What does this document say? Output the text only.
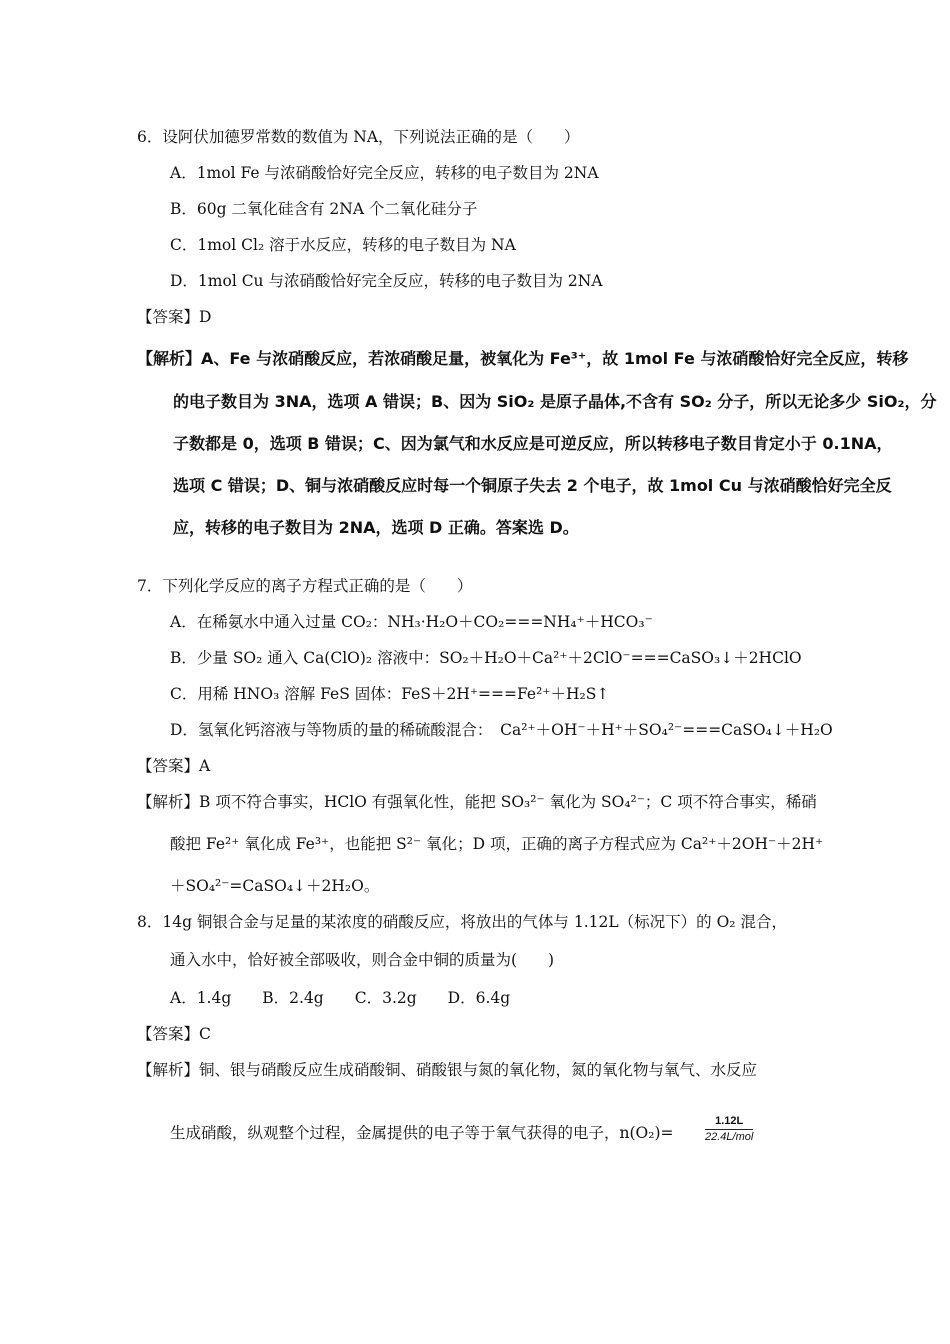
6．设阿伏加德罗常数的数值为 NA，下列说法正确的是（　　）
A．1mol Fe 与浓硝酸恰好完全反应，转移的电子数目为 2NA
B．60g 二氧化硅含有 2NA 个二氧化硅分子
C．1mol Cl₂ 溶于水反应，转移的电子数目为 NA
D．1mol Cu 与浓硝酸恰好完全反应，转移的电子数目为 2NA
【答案】D
【解析】A、Fe 与浓硝酸反应，若浓硝酸足量，被氧化为 Fe³⁺，故 1mol Fe 与浓硝酸恰好完全反应，转移
的电子数目为 3NA，选项 A 错误；B、因为 SiO₂ 是原子晶体,不含有 SO₂ 分子，所以无论多少 SiO₂，分
子数都是 0，选项 B 错误；C、因为氯气和水反应是可逆反应，所以转移电子数目肯定小于 0.1NA，
选项 C 错误；D、铜与浓硝酸反应时每一个铜原子失去 2 个电子，故 1mol Cu 与浓硝酸恰好完全反
应，转移的电子数目为 2NA，选项 D 正确。答案选 D。
7．下列化学反应的离子方程式正确的是（　　）
A．在稀氨水中通入过量 CO₂：NH₃·H₂O＋CO₂===NH₄⁺＋HCO₃⁻
B．少量 SO₂ 通入 Ca(ClO)₂ 溶液中：SO₂＋H₂O＋Ca²⁺＋2ClO⁻===CaSO₃↓＋2HClO
C．用稀 HNO₃ 溶解 FeS 固体：FeS＋2H⁺===Fe²⁺＋H₂S↑
D．氢氧化钙溶液与等物质的量的稀硫酸混合：　Ca²⁺＋OH⁻＋H⁺＋SO₄²⁻===CaSO₄↓＋H₂O
【答案】A
【解析】B 项不符合事实，HClO 有强氧化性，能把 SO₃²⁻ 氧化为 SO₄²⁻；C 项不符合事实，稀硝
酸把 Fe²⁺ 氧化成 Fe³⁺，也能把 S²⁻ 氧化；D 项，正确的离子方程式应为 Ca²⁺＋2OH⁻＋2H⁺
＋SO₄²⁻=CaSO₄↓＋2H₂O。
8．14g 铜银合金与足量的某浓度的硝酸反应，将放出的气体与 1.12L（标况下）的 O₂ 混合，
通入水中，恰好被全部吸收，则合金中铜的质量为(　　)
A．1.4g　　B．2.4g　　C．3.2g　　D．6.4g
【答案】C
【解析】铜、银与硝酸反应生成硝酸铜、硝酸银与氮的氧化物，氮的氧化物与氧气、水反应
生成硝酸，纵观整个过程，金属提供的电子等于氧气获得的电子，n(O₂)=
1.12L
22.4L/mol
